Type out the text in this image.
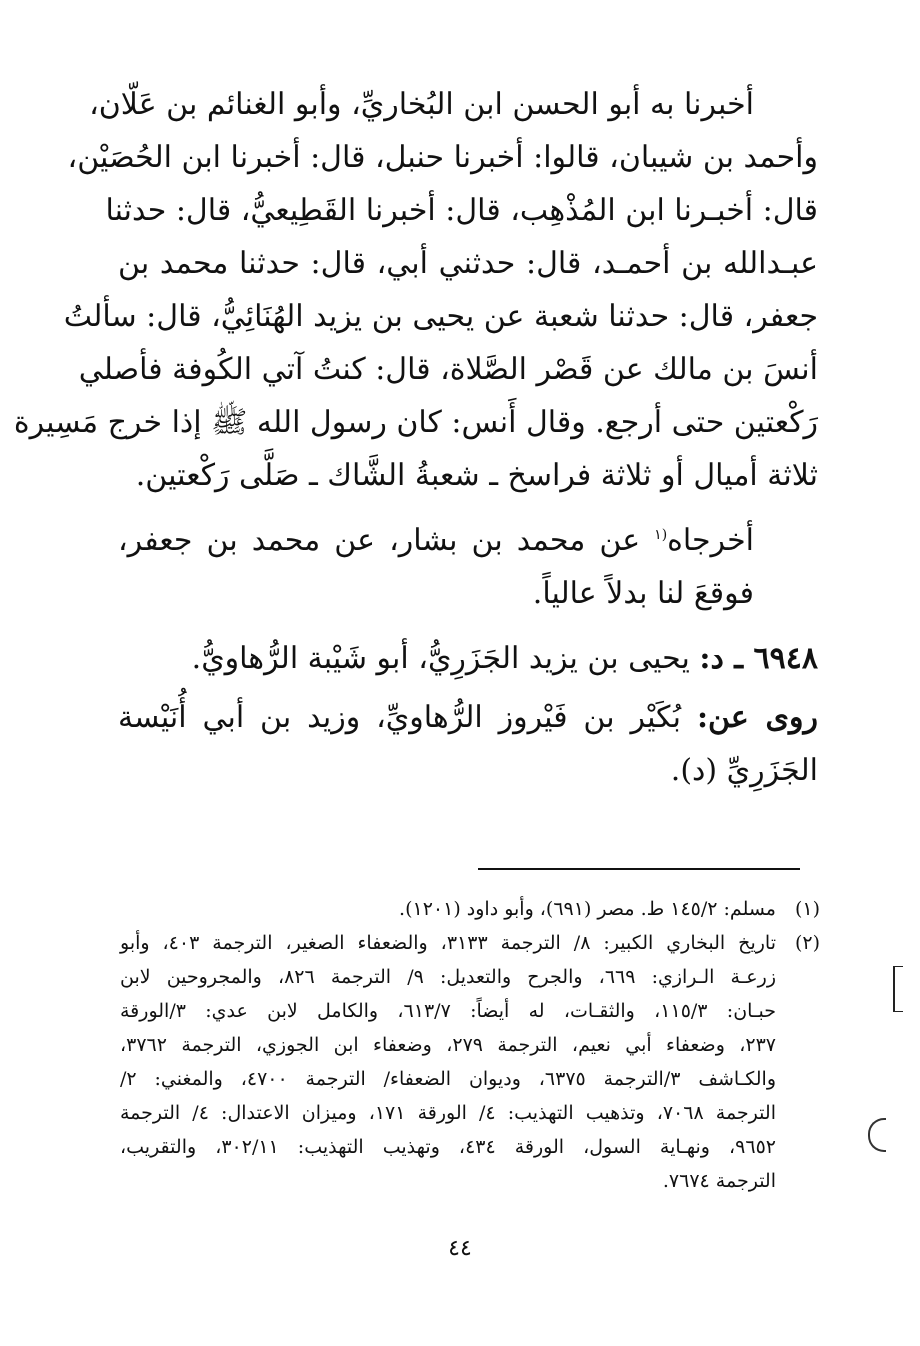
أخبرنا به أبو الحسن ابن البُخاريِّ، وأبو الغنائم بن عَلّان،
وأحمد بن شيبان، قالوا: أخبرنا حنبل، قال: أخبرنا ابن الحُصَيْن،
قال: أخبـرنا ابن المُذْهِب، قال: أخبرنا القَطِيعيُّ، قال: حدثنا
عبـدالله بن أحمـد، قال: حدثني أبي، قال: حدثنا محمد بن
جعفر، قال: حدثنا شعبة عن يحيى بن يزيد الهُنَائِيُّ، قال: سألتُ
أنسَ بن مالك عن قَصْر الصَّلاة، قال: كنتُ آتي الكُوفة فأصلي
رَكْعتين حتى أرجع. وقال أَنس: كان رسول الله ﷺ إذا خرج مَسِيرة
ثلاثة أميال أو ثلاثة فراسخ ـ شعبةُ الشَّاك ـ صَلَّى رَكْعتين.

أخرجاه$^{(١}$ عن محمد بن بشار، عن محمد بن جعفر،
فوقعَ لنا بدلاً عالياً.

٦٩٤٨ ـ د: يحيى بن يزيد الجَزَرِيُّ، أبو شَيْبة الرُّهاويُّ.

روى عن: بُكَيْر بن فَيْروز الرُّهاويِّ، وزيد بن أبي أُنَيْسة
الجَزَرِيِّ (د).

(١)
مسلم: ١٤٥/٢ ط. مصر (٦٩١)، وأبو داود (١٢٠١).
(٢)
تاريخ البخاري الكبير: ٨/ الترجمة ٣١٣٣، والضعفاء الصغير، الترجمة ٤٠٣، وأبو
زرعـة الـرازي: ٦٦٩، والجرح والتعديل: ٩/ الترجمة ٨٢٦، والمجروحين لابن
حبـان: ١١٥/٣، والثقـات، له أيضاً: ٦١٣/٧، والكامل لابن عدي: ٣/الورقة
٢٣٧، وضعفاء أبي نعيم، الترجمة ٢٧٩، وضعفاء ابن الجوزي، الترجمة ٣٧٦٢،
والكـاشف ٣/الترجمة ٦٣٧٥، وديوان الضعفاء/ الترجمة ٤٧٠٠، والمغني: ٢/
الترجمة ٧٠٦٨، وتذهيب التهذيب: ٤/ الورقة ١٧١، وميزان الاعتدال: ٤/ الترجمة
٩٦٥٢، ونهـاية السول، الورقة ٤٣٤، وتهذيب التهذيب: ٣٠٢/١١، والتقريب،
الترجمة ٧٦٧٤.
٤٤
